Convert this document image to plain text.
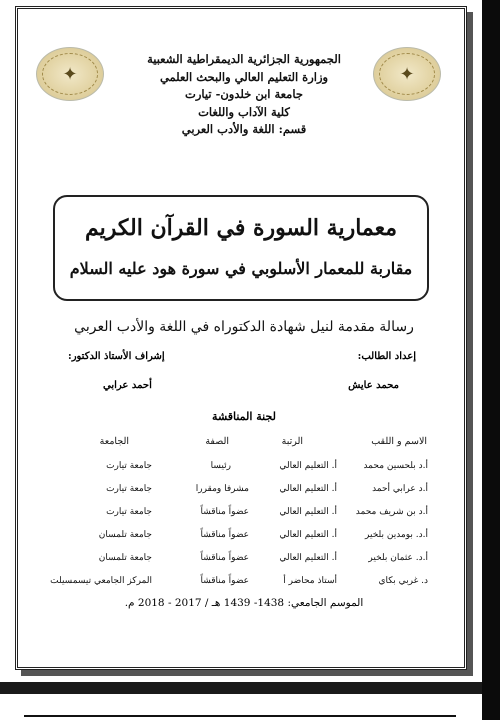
✦	✦
الجمهورية الجزائرية الديمقراطية الشعبية
وزارة التعليم العالي والبحث العلمي
جامعة ابن خلدون- تيارت
كلية الآداب واللغات
قسم: اللغة والأدب العربي
معمارية السورة في القرآن الكريم
مقاربة للمعمار الأسلوبي في سورة هود عليه السلام
رسالة مقدمة لنيل شهادة الدكتوراه في اللغة والأدب العربي
إعداد الطالب:
إشراف الأستاذ الدكتور:
محمد عايش
أحمد عرابي
لجنة المناقشة
الاسم و اللقب
الرتبة
الصفة
الجامعة
أ.د بلحسين محمد
أ. التعليم العالي
رئيسا
جامعة تيارت
أ.د عرابي أحمد
أ. التعليم العالي
مشرفا ومقررا
جامعة تيارت
أ.د بن شريف محمد
أ. التعليم العالي
عضواً مناقشاً
جامعة تيارت
أ.د. بومدين بلخير
أ. التعليم العالي
عضواً مناقشاً
جامعة تلمسان
أ.د. عثمان بلخير
أ. التعليم العالي
عضواً مناقشاً
جامعة تلمسان
د. غربي بكاي
أستاذ محاضر أ
عضواً مناقشاً
المركز الجامعي تيسمسيلت
الموسم الجامعي: 1438- 1439 هـ / 2017 - 2018 م.
